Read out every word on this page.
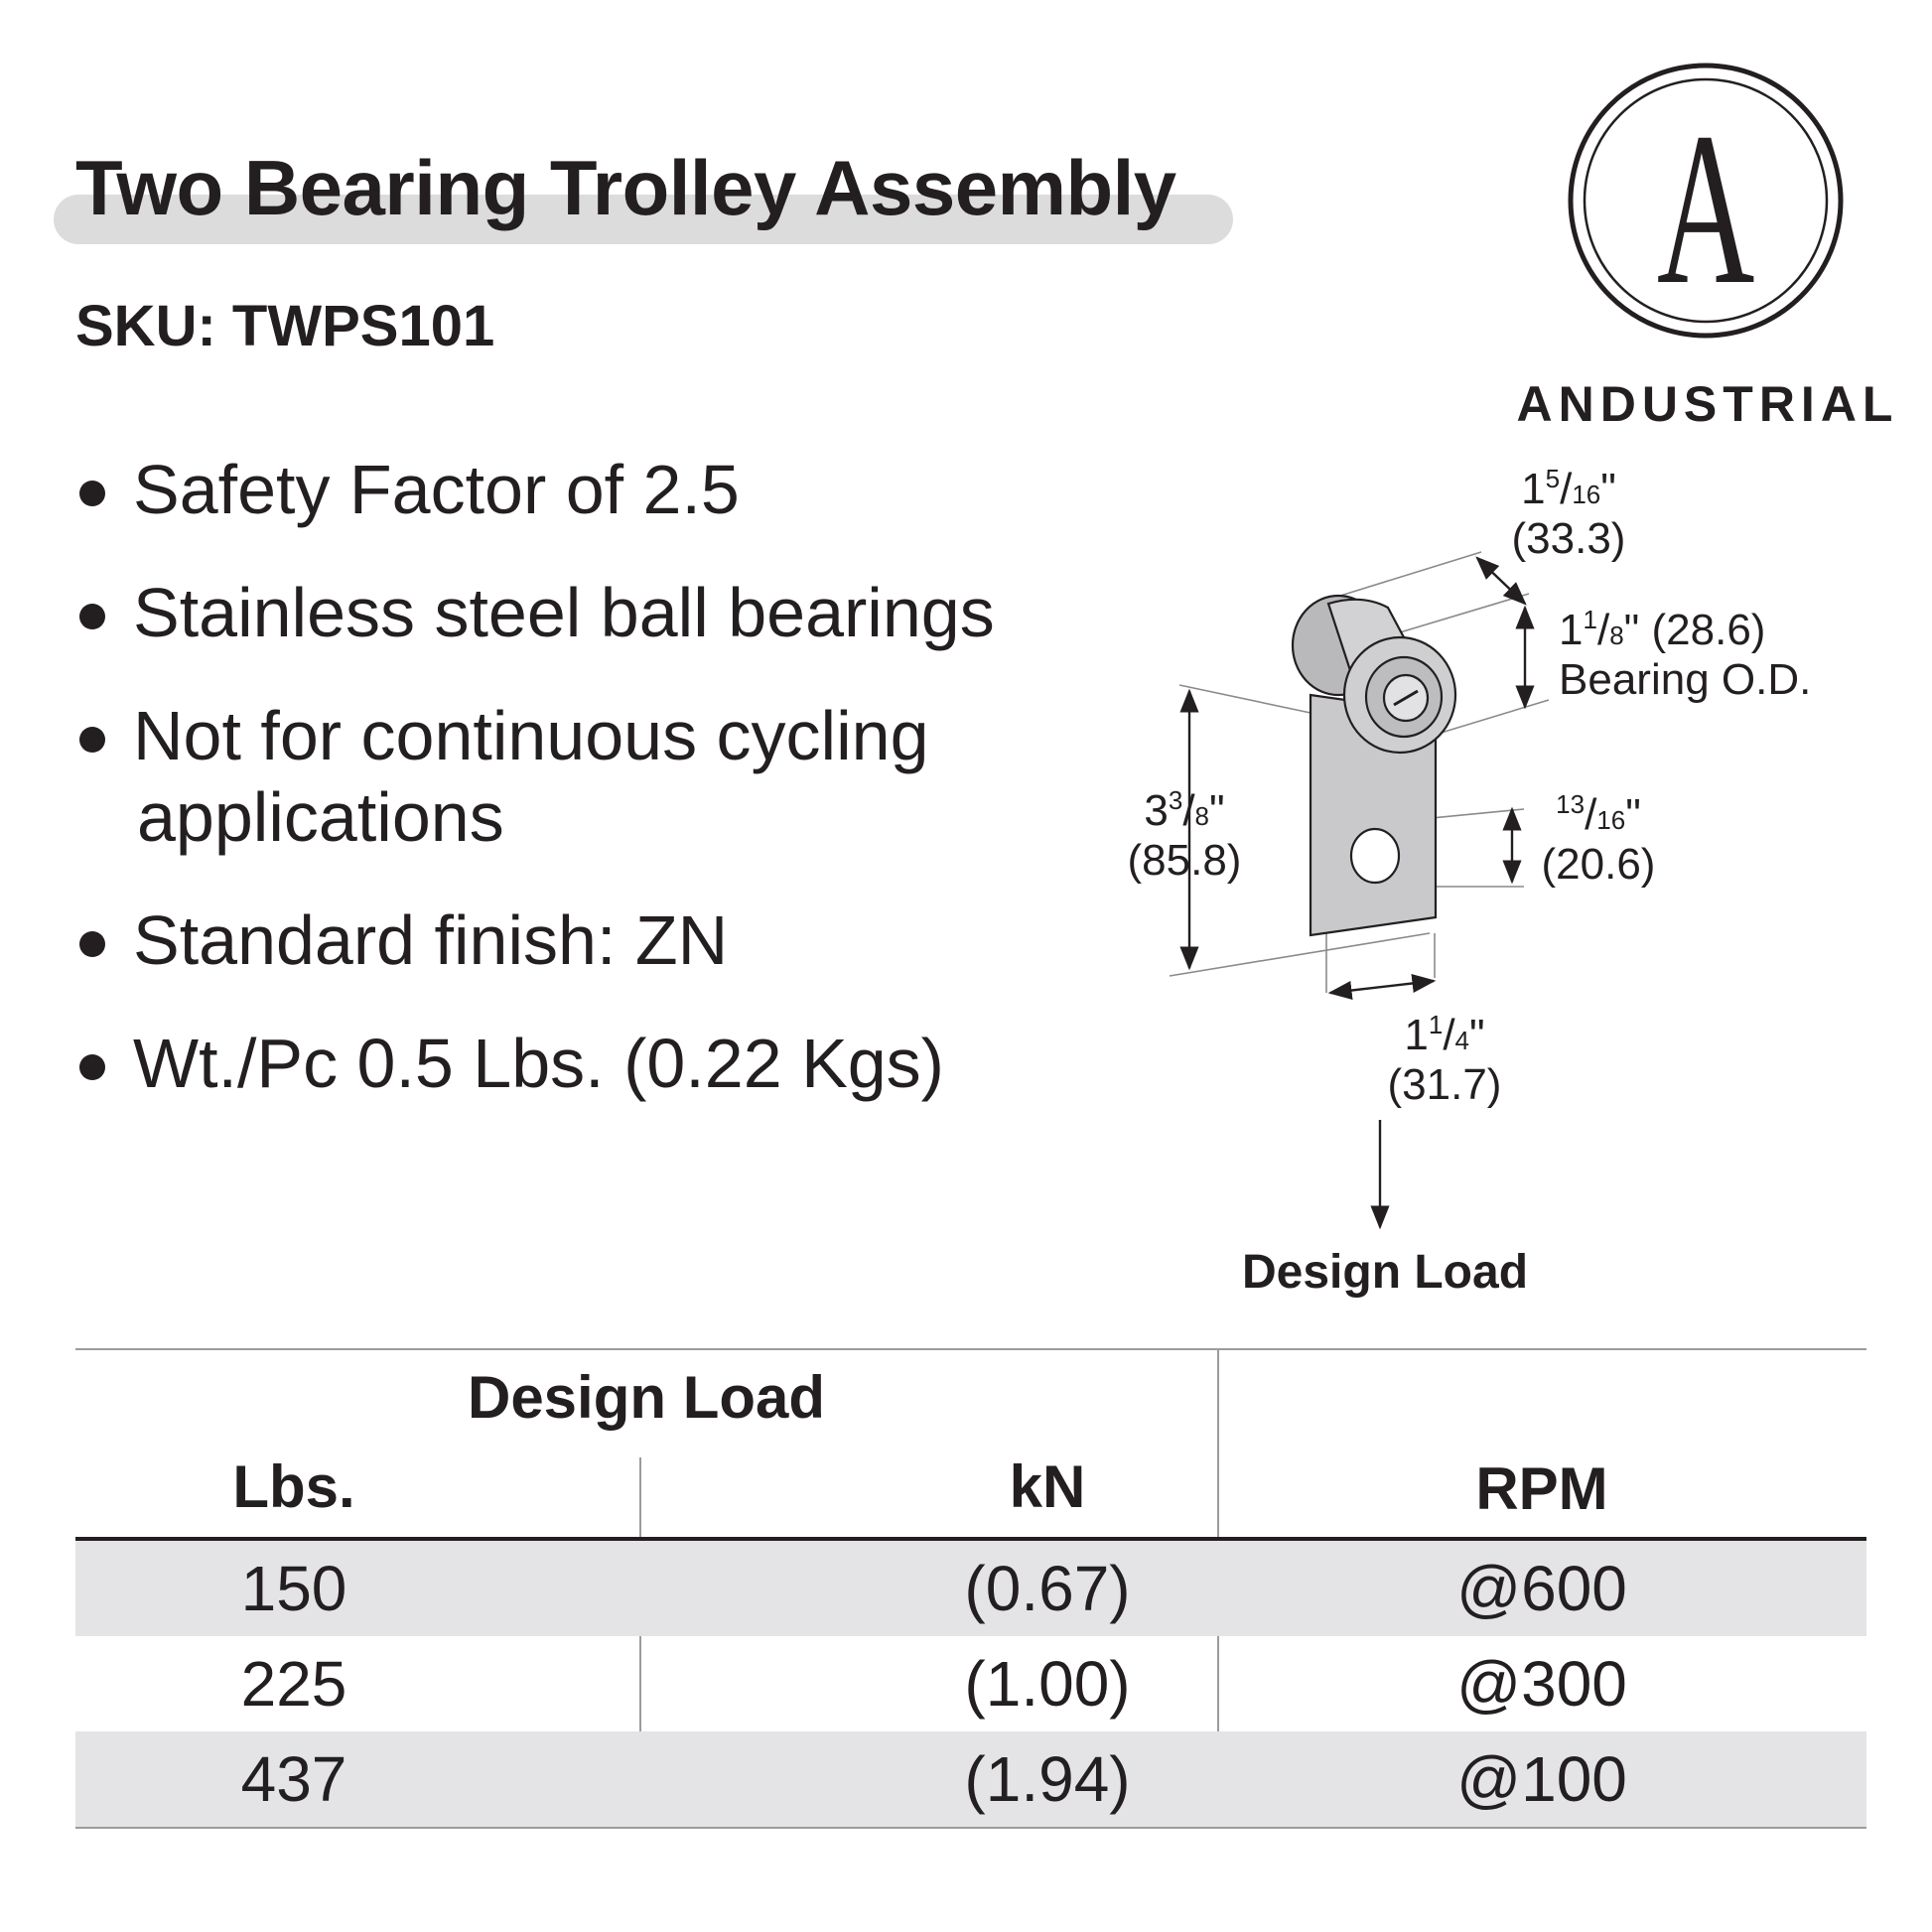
Two Bearing Trolley Assembly
SKU: TWPS101	A
ANDUSTRIAL
Safety Factor of 2.5
Stainless steel ball bearings
Not for continuous cycling
applications
Standard finish: ZN
Wt./Pc 0.5 Lbs. (0.22 Kgs)
$1^5/16$"
(33.3)
$1^1/8$" (28.6)
Bearing O.D.
$3^3/8$"
(85.8)
$^{13}$/16"
(20.6)
$1^1/4$"
(31.7)
Design Load
Design Load
Lbs.	kN	RPM
150	(0.67)	@600
225	(1.00)	@300
437	(1.94)	@100
